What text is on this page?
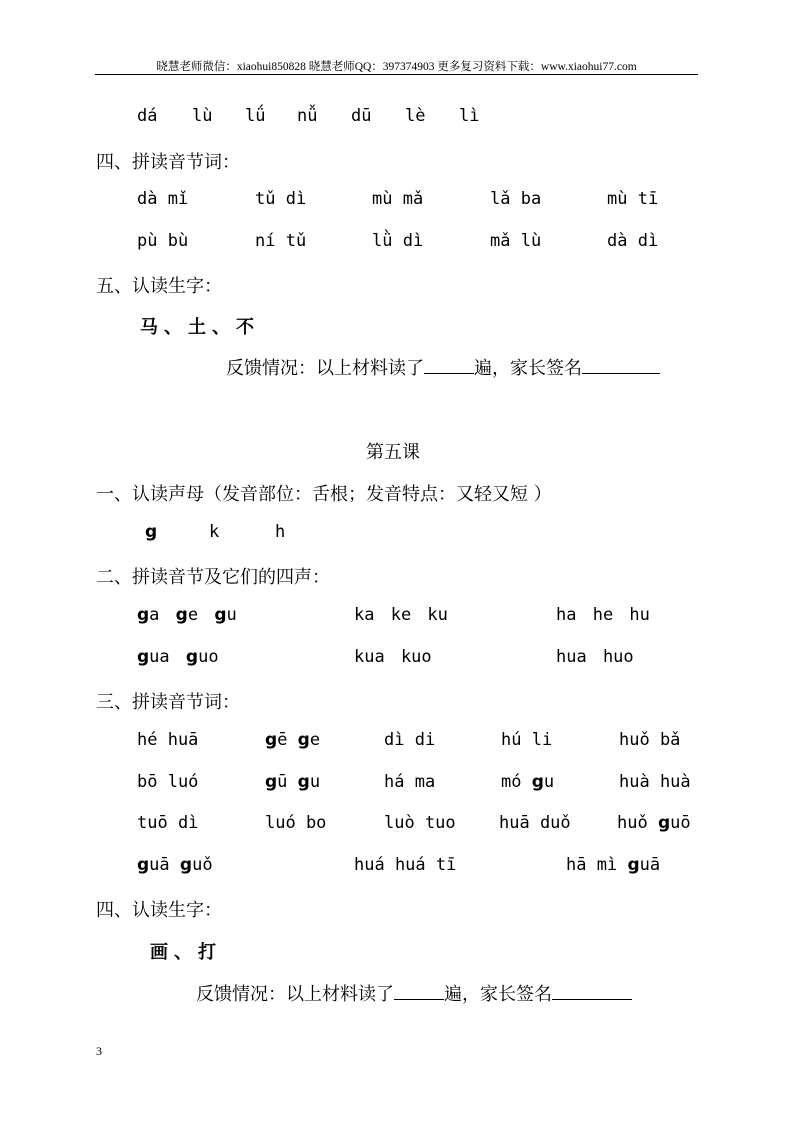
晓慧老师微信：xiaohui850828 晓慧老师QQ：397374903 更多复习资料下载：www.xiaohui77.com
dá lù lǘ nǚ dū lè lì
四、拼读音节词：
dà mǐ	tǔ dì	mù mǎ	lǎ ba	mù tī
pù bù	ní tǔ	lǜ dì	mǎ lù	dà dì
五、认读生字：
马、土、不
反馈情况：以上材料读了	遍，家长签名
第五课
一、认读声母（发音部位：舌根；发音特点：又轻又短 ）
g	k	h
二、拼读音节及它们的四声：
ga ge gu	ka ke ku	ha he hu
gua guo	kua kuo	hua huo
三、拼读音节词：
hé huā	gē ge	dì di	hú li	huǒ bǎ
bō luó	gū gu	há ma	mó gu	huà huà
tuō dì	luó bo	luò tuo	huā duǒ	huǒ guō
guā guǒ	huá huá tī	hā mì guā
四、认读生字：
画、打
反馈情况：以上材料读了	遍，家长签名
3
